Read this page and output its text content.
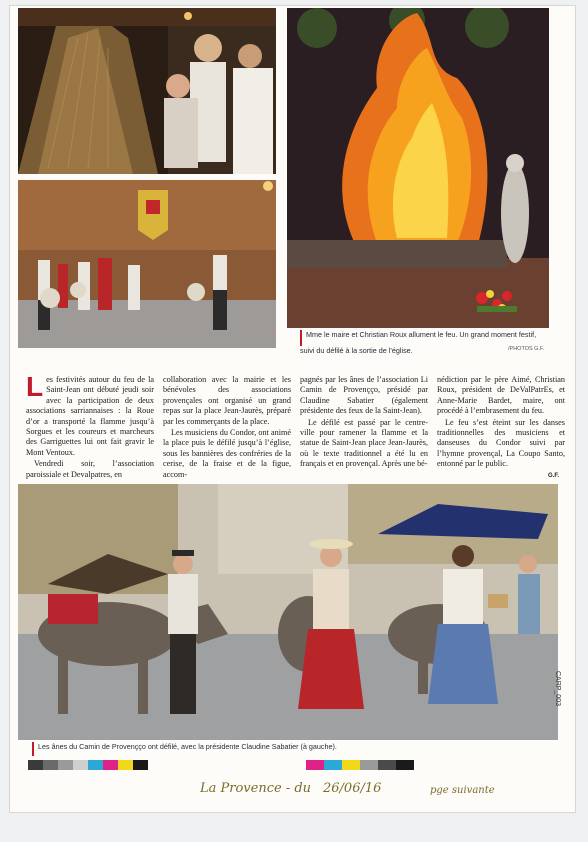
Mme le maire et Christian Roux allument le feu. Un grand moment festif, suivi du défilé à la sortie de l’église.	/PHOTOS G.F.

Les festivités autour du feu de la Saint-Jean ont débuté jeudi soir avec la participation de deux associations sarriannaises : la Roue d’or a transporté la flamme jusqu’à Sorgues et les coureurs et marcheurs des Garriguettes lui ont fait gravir le Mont Ventoux.

Vendredi soir, l’association paroissiale et Devalpatres, en

collaboration avec la mairie et les bénévoles des associations provençales ont organisé un grand repas sur la place Jean-Jaurès, préparé par les commerçants de la place.

Les musiciens du Condor, ont animé la place puis le défilé jusqu’à l’église, sous les bannières des confréries de la cerise, de la fraise et de la figue, accom-

pagnés par les ânes de l’association Li Camin de Provençço, présidé par Claudine Sabatier (également présidente des feux de la Saint-Jean).

Le défilé est passé par le centre-ville pour ramener la flamme et la statue de Saint-Jean place Jean-Jaurès, où le texte traditionnel a été lu en français et en provençal. Après une bé-

nédiction par le père Aimé, Christian Roux, président de DeValPatrEs, et Anne-Marie Bardet, maire, ont procédé à l’embrasement du feu.

Le feu s’est éteint sur les danses traditionnelles des musiciens et danseuses du Condor suivi par l’hymne provençal, La Coupo Santo, entonné par le public.

G.F.
Les ânes du Camin de Provençço ont défilé, avec la présidente Claudine Sabatier (à gauche).
La Provence - du 26/06/16	pge suivante
CARP_003
